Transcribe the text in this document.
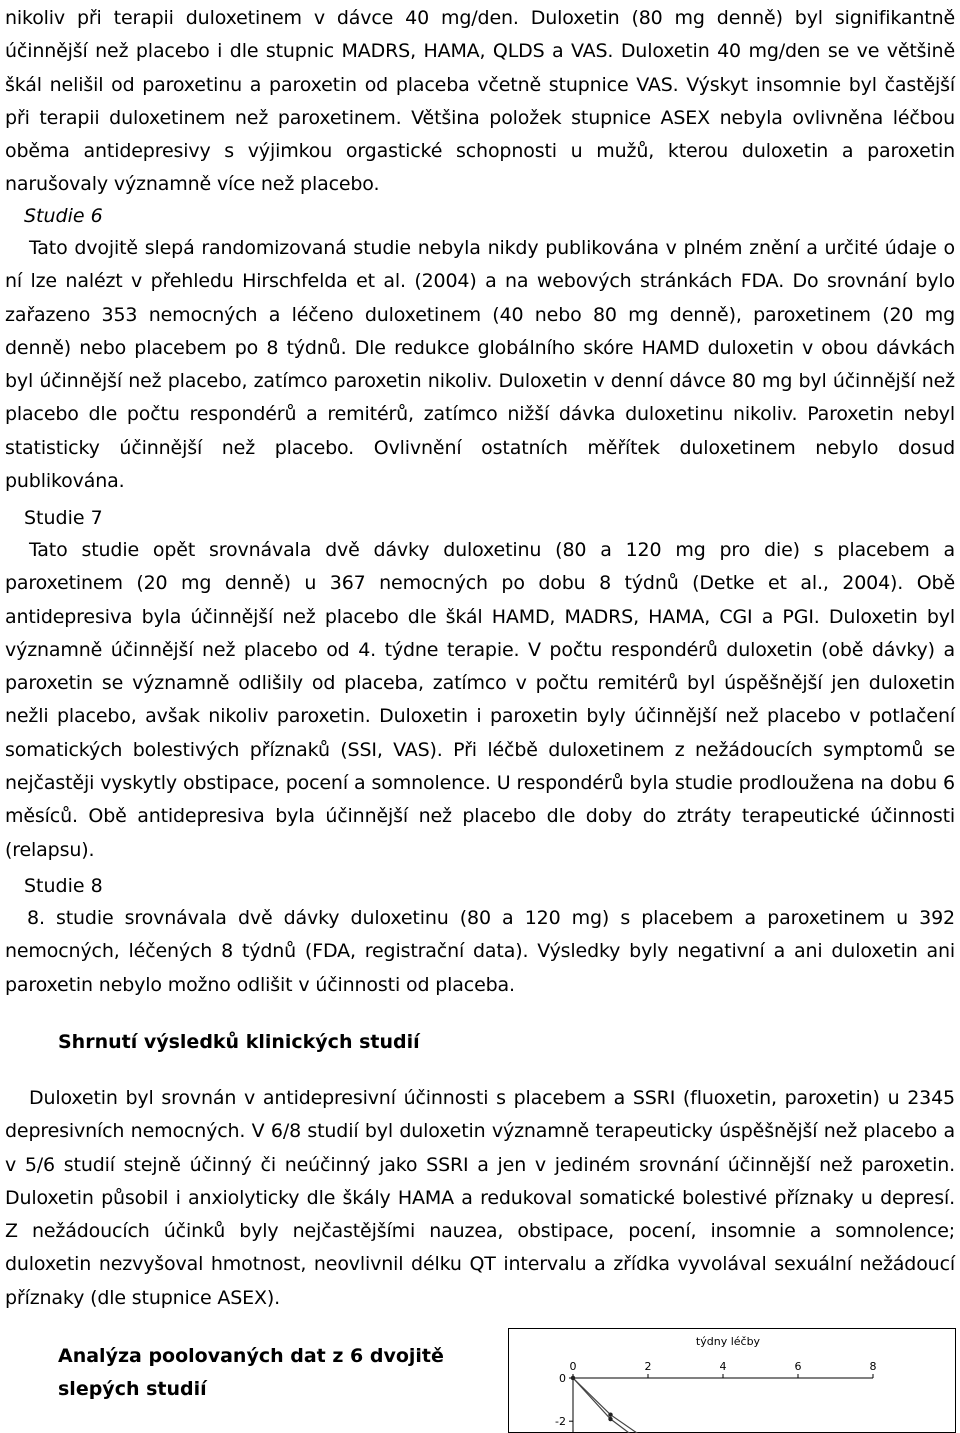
nikoliv při terapii duloxetinem v dávce 40 mg/den. Duloxetin (80 mg denně) byl signifikantně účinnější než placebo i dle stupnic MADRS, HAMA, QLDS a VAS. Duloxetin 40 mg/den se ve většině škál nelišil od paroxetinu a paroxetin od placeba včetně stupnice VAS. Výskyt insomnie byl častější při terapii duloxetinem než paroxetinem. Většina položek stupnice ASEX nebyla ovlivněna léčbou oběma antidepresivy s výjimkou orgastické schopnosti u mužů, kterou duloxetin a paroxetin narušovaly významně více než placebo.

Studie 6

Tato dvojitě slepá randomizovaná studie nebyla nikdy publikována v plném znění a určité údaje o ní lze nalézt v přehledu Hirschfelda et al. (2004) a na webových stránkách FDA. Do srovnání bylo zařazeno 353 nemocných a léčeno duloxetinem (40 nebo 80 mg denně), paroxetinem (20 mg denně) nebo placebem po 8 týdnů. Dle redukce globálního skóre HAMD duloxetin v obou dávkách byl účinnější než placebo, zatímco paroxetin nikoliv. Duloxetin v denní dávce 80 mg byl účinnější než placebo dle počtu respondérů a remitérů, zatímco nižší dávka duloxetinu nikoliv. Paroxetin nebyl statisticky účinnější než placebo. Ovlivnění ostatních měřítek duloxetinem nebylo dosud publikována.

Studie 7

Tato studie opět srovnávala dvě dávky duloxetinu (80 a 120 mg pro die) s placebem a paroxetinem (20 mg denně) u 367 nemocných po dobu 8 týdnů (Detke et al., 2004). Obě antidepresiva byla účinnější než placebo dle škál HAMD, MADRS, HAMA, CGI a PGI. Duloxetin byl významně účinnější než placebo od 4. týdne terapie. V počtu respondérů duloxetin (obě dávky) a paroxetin se významně odlišily od placeba, zatímco v počtu remitérů byl úspěšnější jen duloxetin nežli placebo, avšak nikoliv paroxetin. Duloxetin i paroxetin byly účinnější než placebo v potlačení somatických bolestivých příznaků (SSI, VAS). Při léčbě duloxetinem z nežádoucích symptomů se nejčastěji vyskytly obstipace, pocení a somnolence. U respondérů byla studie prodloužena na dobu 6 měsíců. Obě antidepresiva byla účinnější než placebo dle doby do ztráty terapeutické účinnosti (relapsu).

Studie 8

8. studie srovnávala dvě dávky duloxetinu (80 a 120 mg) s placebem a paroxetinem u 392 nemocných, léčených 8 týdnů (FDA, registrační data). Výsledky byly negativní a ani duloxetin ani paroxetin nebylo možno odlišit v účinnosti od placeba.

Shrnutí výsledků klinických studií

Duloxetin byl srovnán v antidepresivní účinnosti s placebem a SSRI (fluoxetin, paroxetin) u 2345 depresivních nemocných. V 6/8 studií byl duloxetin významně terapeuticky úspěšnější než placebo a v 5/6 studií stejně účinný či neúčinný jako SSRI a jen v jediném srovnání účinnější než paroxetin. Duloxetin působil i anxiolyticky dle škály HAMA a redukoval somatické bolestivé příznaky u depresí. Z nežádoucích účinků byly nejčastějšími nauzea, obstipace, pocení, insomnie a somnolence; duloxetin nezvyšoval hmotnost, neovlivnil délku QT intervalu a zřídka vyvolával sexuální nežádoucí příznaky (dle stupnice ASEX).

Analýza poolovaných dat z 6 dvojitě slepých studií

týdny léčby
0	2	4	6	8
0
-2
